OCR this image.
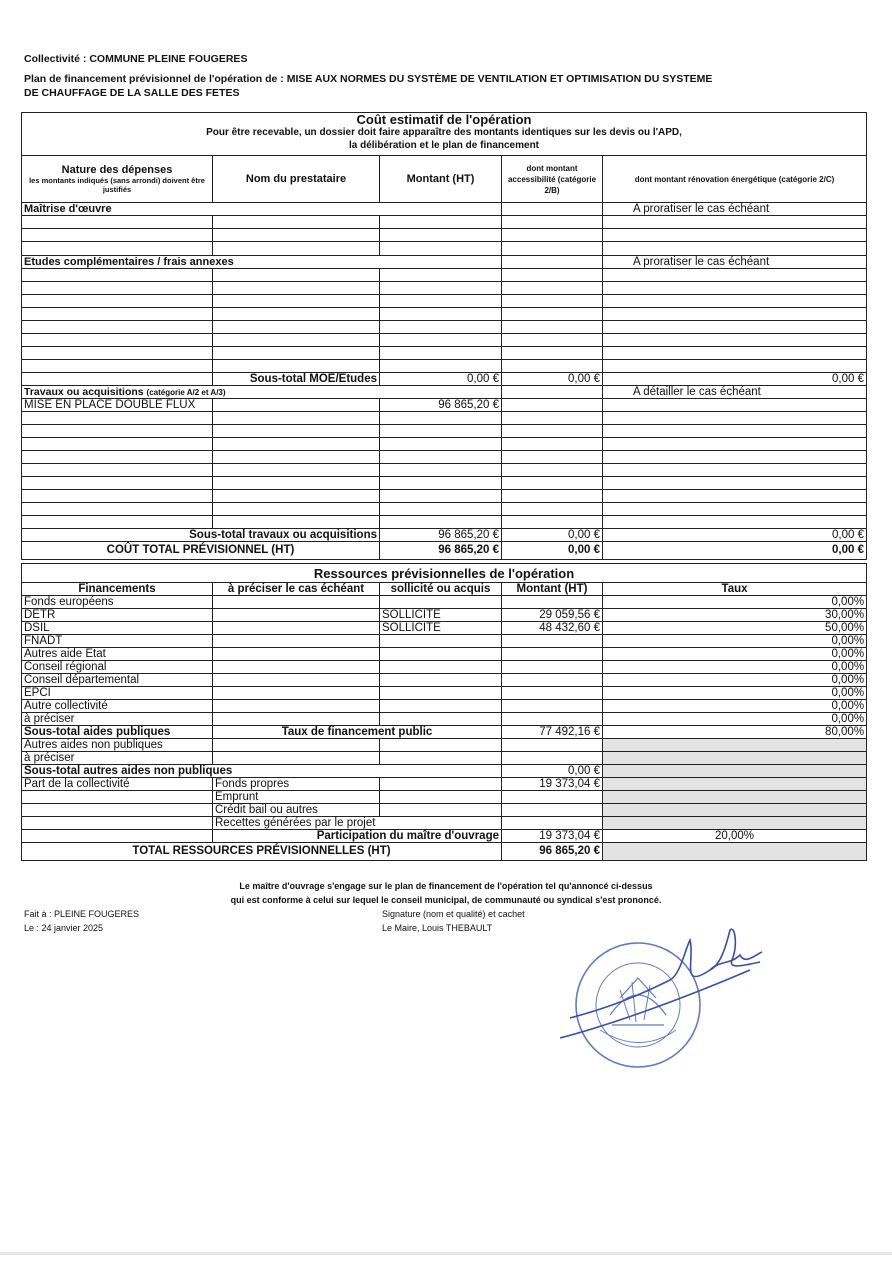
Collectivité : COMMUNE PLEINE FOUGERES
Plan de financement prévisionnel de l'opération de : MISE AUX NORMES DU SYSTÈME DE VENTILATION ET OPTIMISATION DU SYSTEME
DE CHAUFFAGE DE LA SALLE DES FETES
Coût estimatif de l'opération
Pour être recevable, un dossier doit faire apparaître des montants identiques sur les devis ou l'APD,
la délibération et le plan de financement				

Nature des dépenses
les montants indiqués (sans arrondi) doivent être justifiés	Nom du prestataire	Montant (HT)	dont montant accessibilité (catégorie 2/B)	dont montant rénovation énergétique (catégorie 2/C)
Maîtrise d'œuvre				A proratiser le cas échéant

Etudes complémentaires / frais annexes				A proratiser le cas échéant

	Sous-total MOE/Études	0,00 €	0,00 €	0,00 €
Travaux ou acquisitions (catégorie A/2 et A/3)				A détailler le cas échéant
MISE EN PLACE DOUBLE FLUX		96 865,20 €		

Sous-total travaux ou acquisitions		96 865,20 €	0,00 €	0,00 €
COÛT TOTAL PRÉVISIONNEL (HT)		96 865,20 €	0,00 €	0,00 €
Ressources prévisionnelles de l'opération				
Financements	à préciser le cas échéant	sollicité ou acquis	Montant (HT)	Taux
Fonds européens				0,00%
DETR		SOLLICITE	29 059,56 €	30,00%
DSIL		SOLLICITE	48 432,60 €	50,00%
FNADT				0,00%
Autres aide Etat				0,00%
Conseil régional				0,00%
Conseil départemental				0,00%
EPCI				0,00%
Autre collectivité				0,00%
à préciser				0,00%
Sous-total aides publiques	Taux de financement public		77 492,16 €	80,00%
Autres aides non publiques				
à préciser				
Sous-total autres aides non publiques			0,00 €	
Part de la collectivité	Fonds propres		19 373,04 €	
	Emprunt			
	Crédit bail ou autres			
	Recettes générées par le projet			
	Participation du maître d'ouvrage		19 373,04 €	20,00%
TOTAL RESSOURCES PRÉVISIONNELLES (HT)			96 865,20 €	
Le maître d'ouvrage s'engage sur le plan de financement de l'opération tel qu'annoncé ci-dessus
qui est conforme à celui sur lequel le conseil municipal, de communauté ou syndical s'est prononcé.
Fait à : PLEINE FOUGERES
Le : 24 janvier 2025
Signature (nom et qualité) et cachet
Le Maire, Louis THEBAULT
